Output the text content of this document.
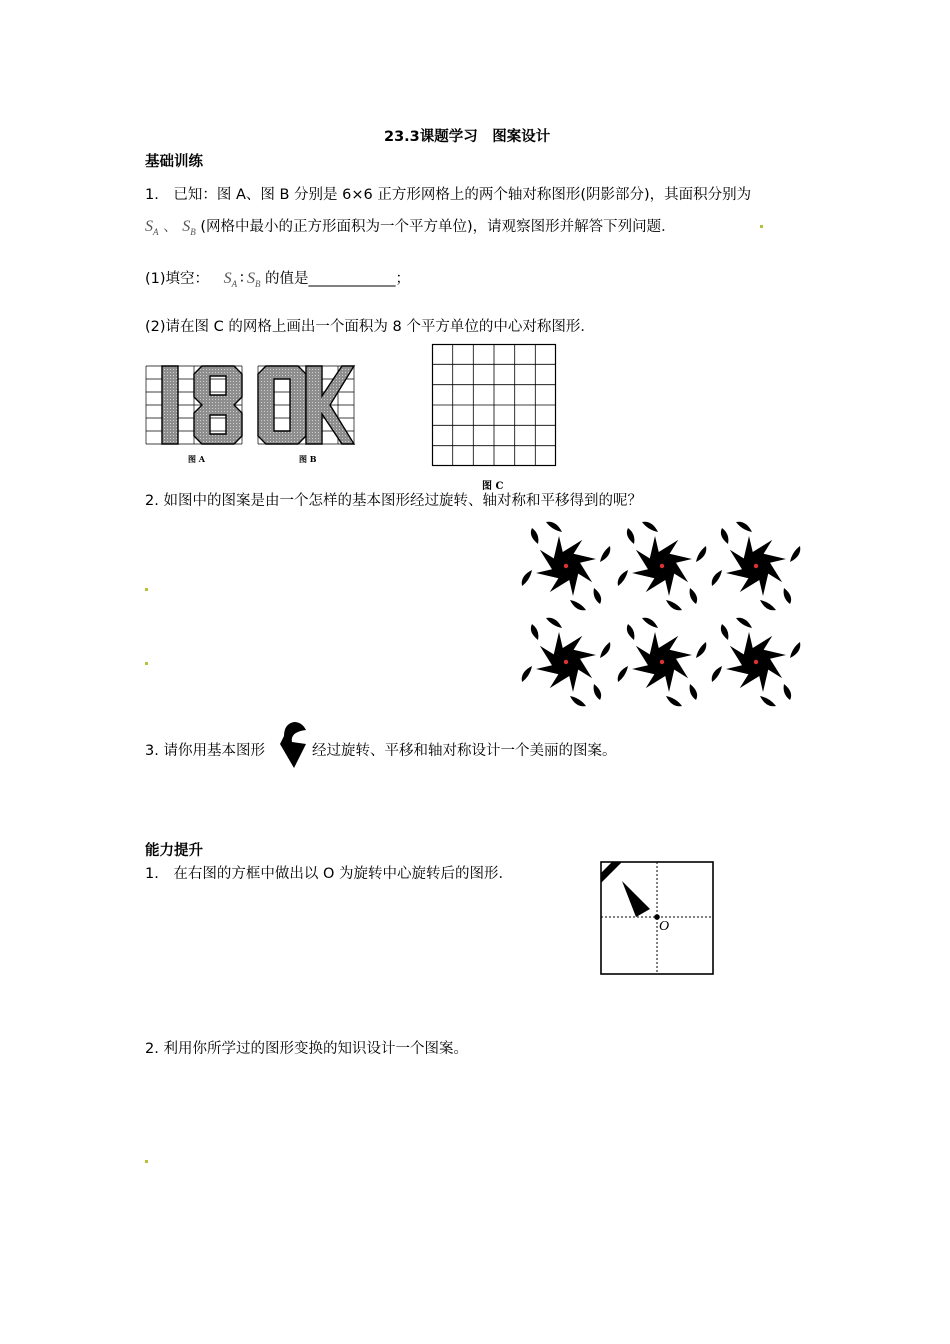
23.3课题学习　图案设计
基础训练
1.　已知：图 A、图 B 分别是 6×6 正方形网格上的两个轴对称图形(阴影部分)，其面积分别为
$S_A$ 、 $S_B$ (网格中最小的正方形面积为一个平方单位)，请观察图形并解答下列问题．
(1)填空： $S_A$ ∶ $S_B$ 的值是____________；
(2)请在图 C 的网格上画出一个面积为 8 个平方单位的中心对称图形．
图 A	图 B
图 C
2. 如图中的图案是由一个怎样的基本图形经过旋转、轴对称和平移得到的呢？
3. 请你用基本图形	经过旋转、平移和轴对称设计一个美丽的图案。
能力提升
1.　在右图的方框中做出以 O 为旋转中心旋转后的图形．
O
2. 利用你所学过的图形变换的知识设计一个图案。
